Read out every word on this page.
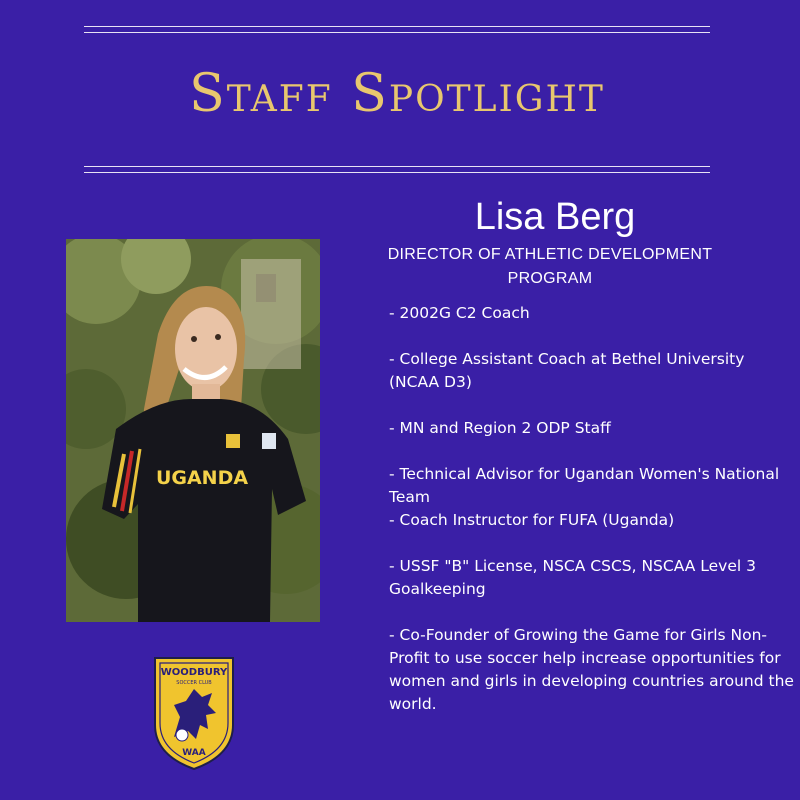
Staff Spotlight
Lisa Berg
DIRECTOR OF ATHLETIC DEVELOPMENT PROGRAM
UGANDA

- 2002G C2 Coach

- College Assistant Coach at Bethel University (NCAA D3)

- MN and Region 2 ODP Staff

- Technical Advisor for Ugandan Women's National Team

- Coach Instructor for FUFA (Uganda)

- USSF "B" License, NSCA CSCS, NSCAA Level 3 Goalkeeping

- Co-Founder of Growing the Game for Girls Non-Profit to use soccer help increase opportunities for women and girls in developing countries around the world.

WOODBURY
SOCCER CLUB
WAA
